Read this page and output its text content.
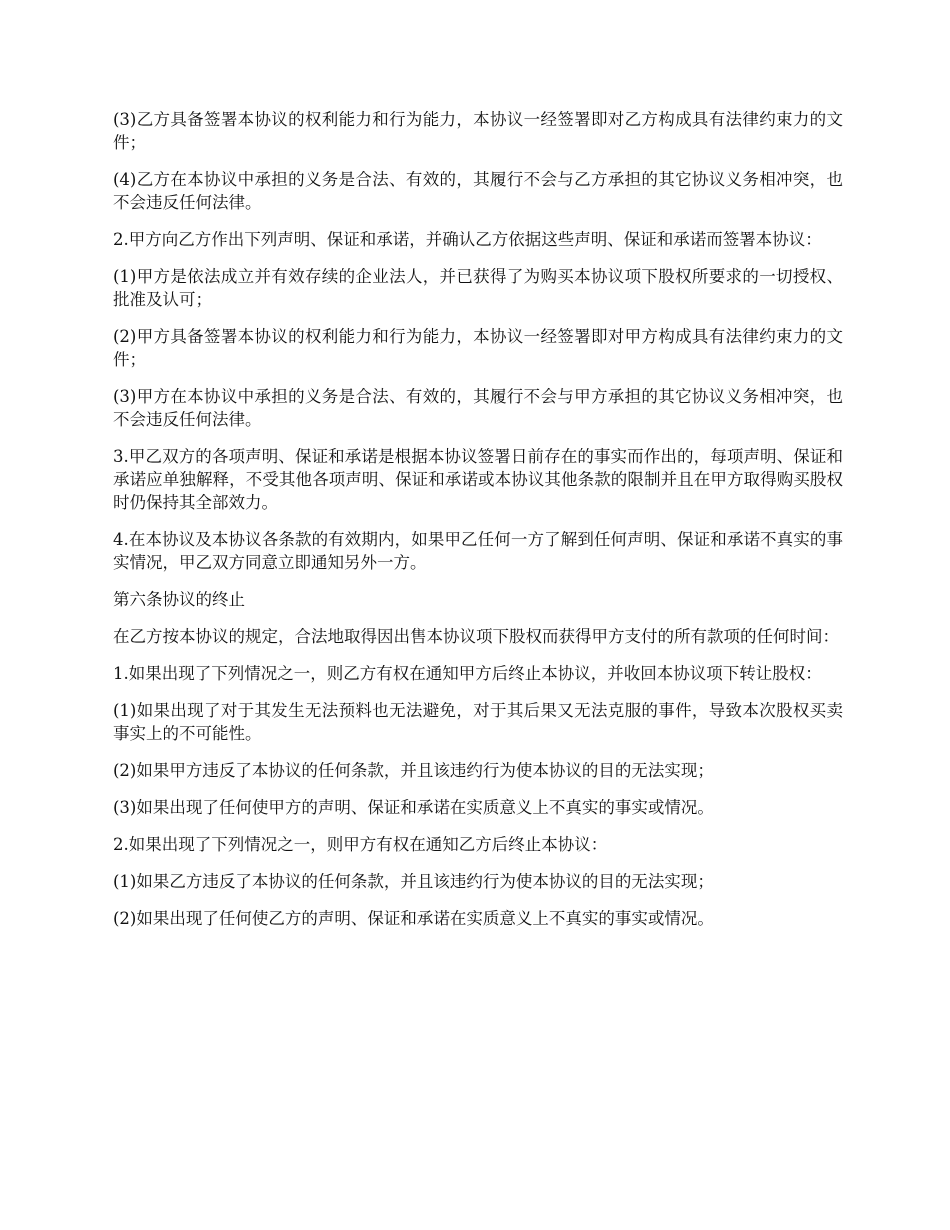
(3)乙方具备签署本协议的权利能力和行为能力，本协议一经签署即对乙方构成具有法律约束力的文件；

(4)乙方在本协议中承担的义务是合法、有效的，其履行不会与乙方承担的其它协议义务相冲突，也不会违反任何法律。

2.甲方向乙方作出下列声明、保证和承诺，并确认乙方依据这些声明、保证和承诺而签署本协议：

(1)甲方是依法成立并有效存续的企业法人，并已获得了为购买本协议项下股权所要求的一切授权、批准及认可；

(2)甲方具备签署本协议的权利能力和行为能力，本协议一经签署即对甲方构成具有法律约束力的文件；

(3)甲方在本协议中承担的义务是合法、有效的，其履行不会与甲方承担的其它协议义务相冲突，也不会违反任何法律。

3.甲乙双方的各项声明、保证和承诺是根据本协议签署日前存在的事实而作出的，每项声明、保证和承诺应单独解释，不受其他各项声明、保证和承诺或本协议其他条款的限制并且在甲方取得购买股权时仍保持其全部效力。

4.在本协议及本协议各条款的有效期内，如果甲乙任何一方了解到任何声明、保证和承诺不真实的事实情况，甲乙双方同意立即通知另外一方。

第六条协议的终止

在乙方按本协议的规定，合法地取得因出售本协议项下股权而获得甲方支付的所有款项的任何时间：

1.如果出现了下列情况之一，则乙方有权在通知甲方后终止本协议，并收回本协议项下转让股权：

(1)如果出现了对于其发生无法预料也无法避免，对于其后果又无法克服的事件，导致本次股权买卖事实上的不可能性。

(2)如果甲方违反了本协议的任何条款，并且该违约行为使本协议的目的无法实现；

(3)如果出现了任何使甲方的声明、保证和承诺在实质意义上不真实的事实或情况。

2.如果出现了下列情况之一，则甲方有权在通知乙方后终止本协议：

(1)如果乙方违反了本协议的任何条款，并且该违约行为使本协议的目的无法实现；

(2)如果出现了任何使乙方的声明、保证和承诺在实质意义上不真实的事实或情况。
